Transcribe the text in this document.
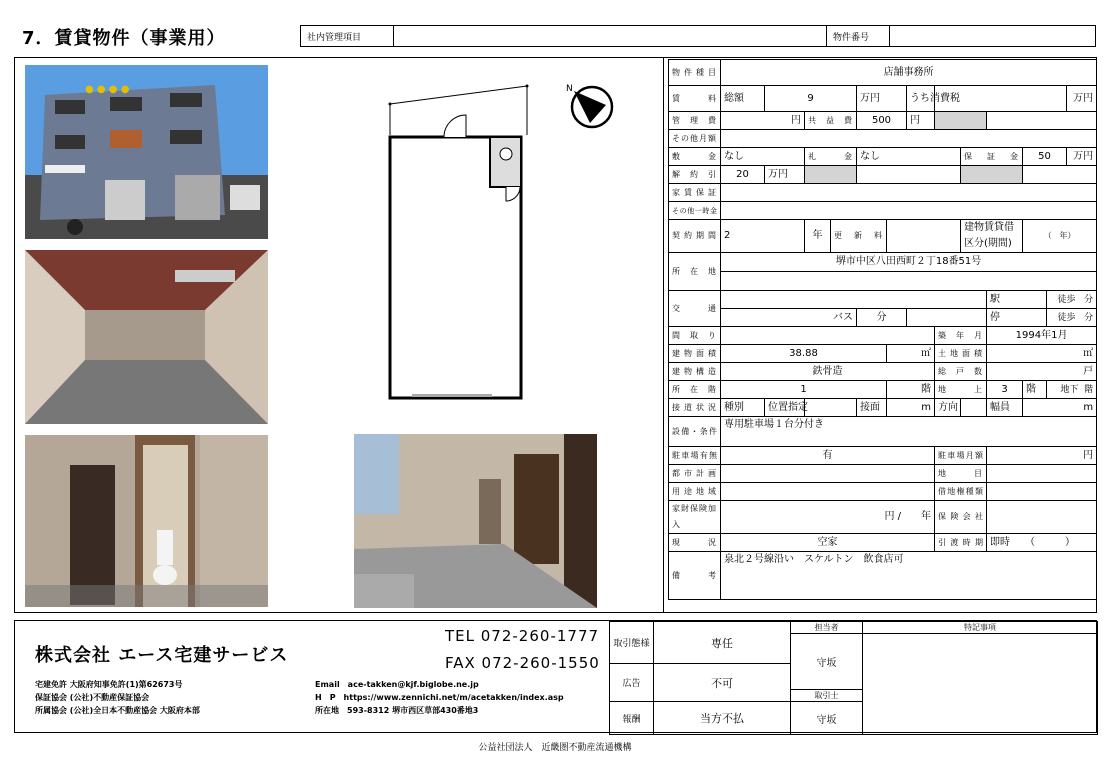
7．賃貸物件（事業用）	社内管理項目		物件番号	
● ● ● ●	N
物件種目	店舗事務所												
賃料	総額	9			万円		うち消費税						万円
管理費	円		共益費		500		円						
その他月額													
敷金	なし		礼金		なし				保証金		50		万円
解約引	20	万円											
家賃保証													
その他一時金													
契約期間	2		年	更新料					建物賃貸借区分(期間)		（　年）		
所在地	堺市中区八田西町２丁18番51号												

交通										駅		徒歩 分	
	バス				分					停		徒歩 分	
間取り								築年月		1994年1月			
建物面積	38.88					㎡		土地面積		㎡			
建物構造	鉄骨造							総戸数		戸			
所在階	1					階		地上		3	階	地下 階	
接道状況	種別	位置指定			接面	m		方向		幅員	m		
設備・条件	専用駐車場１台分付き												
駐車場有無	有							駐車場月額		円			
都市計画								地目					
用途地域								借地権種類					
家財保険加入	円 /　　年							保険会社					
現況	空家							引渡時期		即時　　（　　　）			
備考	泉北２号線沿い　スケルトン　飲食店可												
株式会社 エース宅建サービス
TEL 072-260-1777
FAX 072-260-1550
宅建免許 大阪府知事免許(1)第62673号
保証協会 (公社)不動産保証協会
所属協会 (公社)全日本不動産協会 大阪府本部
Email　ace-takken@kjf.biglobe.ne.jp
H　P　https://www.zennichi.net/m/acetakken/index.asp
所在地　593-8312 堺市西区草部430番地3
取引態様	専任	担当者	特記事項
		守坂	
広告	不可		
		取引士	
報酬	当方不払	守坂	
公益社団法人　近畿圏不動産流通機構
